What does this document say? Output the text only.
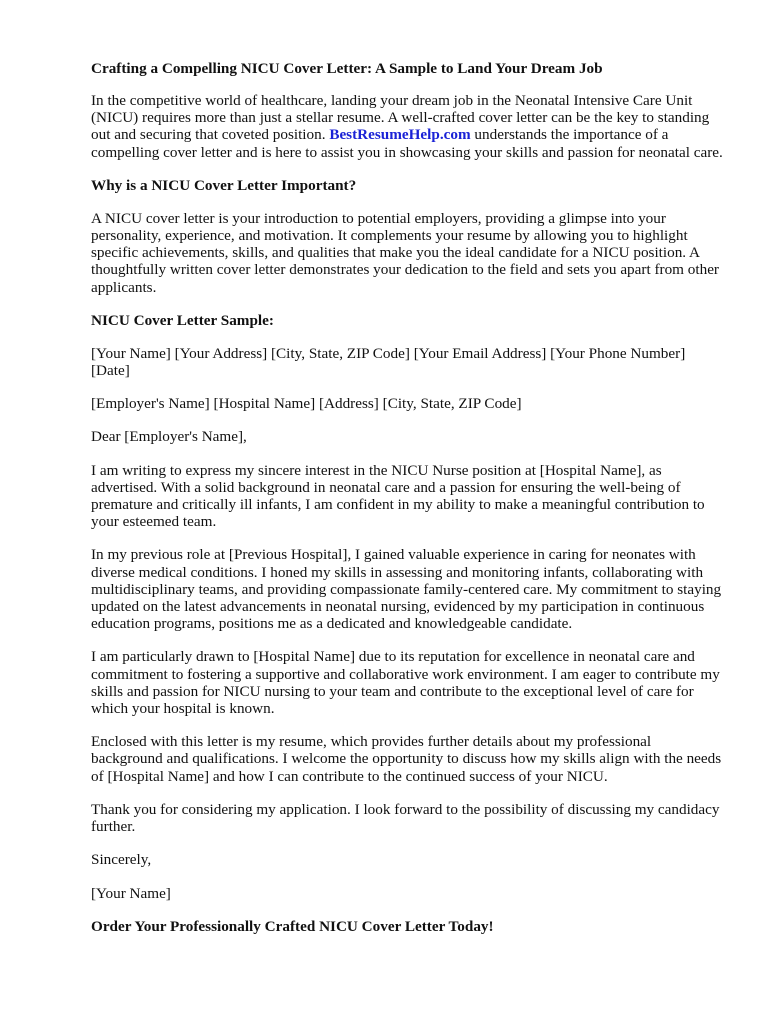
Crafting a Compelling NICU Cover Letter: A Sample to Land Your Dream Job

In the competitive world of healthcare, landing your dream job in the Neonatal Intensive Care Unit (NICU) requires more than just a stellar resume. A well-crafted cover letter can be the key to standing out and securing that coveted position. BestResumeHelp.com understands the importance of a compelling cover letter and is here to assist you in showcasing your skills and passion for neonatal care.

Why is a NICU Cover Letter Important?

A NICU cover letter is your introduction to potential employers, providing a glimpse into your personality, experience, and motivation. It complements your resume by allowing you to highlight specific achievements, skills, and qualities that make you the ideal candidate for a NICU position. A thoughtfully written cover letter demonstrates your dedication to the field and sets you apart from other applicants.

NICU Cover Letter Sample:

[Your Name] [Your Address] [City, State, ZIP Code] [Your Email Address] [Your Phone Number] [Date]

[Employer's Name] [Hospital Name] [Address] [City, State, ZIP Code]

Dear [Employer's Name],

I am writing to express my sincere interest in the NICU Nurse position at [Hospital Name], as advertised. With a solid background in neonatal care and a passion for ensuring the well-being of premature and critically ill infants, I am confident in my ability to make a meaningful contribution to your esteemed team.

In my previous role at [Previous Hospital], I gained valuable experience in caring for neonates with diverse medical conditions. I honed my skills in assessing and monitoring infants, collaborating with multidisciplinary teams, and providing compassionate family-centered care. My commitment to staying updated on the latest advancements in neonatal nursing, evidenced by my participation in continuous education programs, positions me as a dedicated and knowledgeable candidate.

I am particularly drawn to [Hospital Name] due to its reputation for excellence in neonatal care and commitment to fostering a supportive and collaborative work environment. I am eager to contribute my skills and passion for NICU nursing to your team and contribute to the exceptional level of care for which your hospital is known.

Enclosed with this letter is my resume, which provides further details about my professional background and qualifications. I welcome the opportunity to discuss how my skills align with the needs of [Hospital Name] and how I can contribute to the continued success of your NICU.

Thank you for considering my application. I look forward to the possibility of discussing my candidacy further.

Sincerely,

[Your Name]

Order Your Professionally Crafted NICU Cover Letter Today!
